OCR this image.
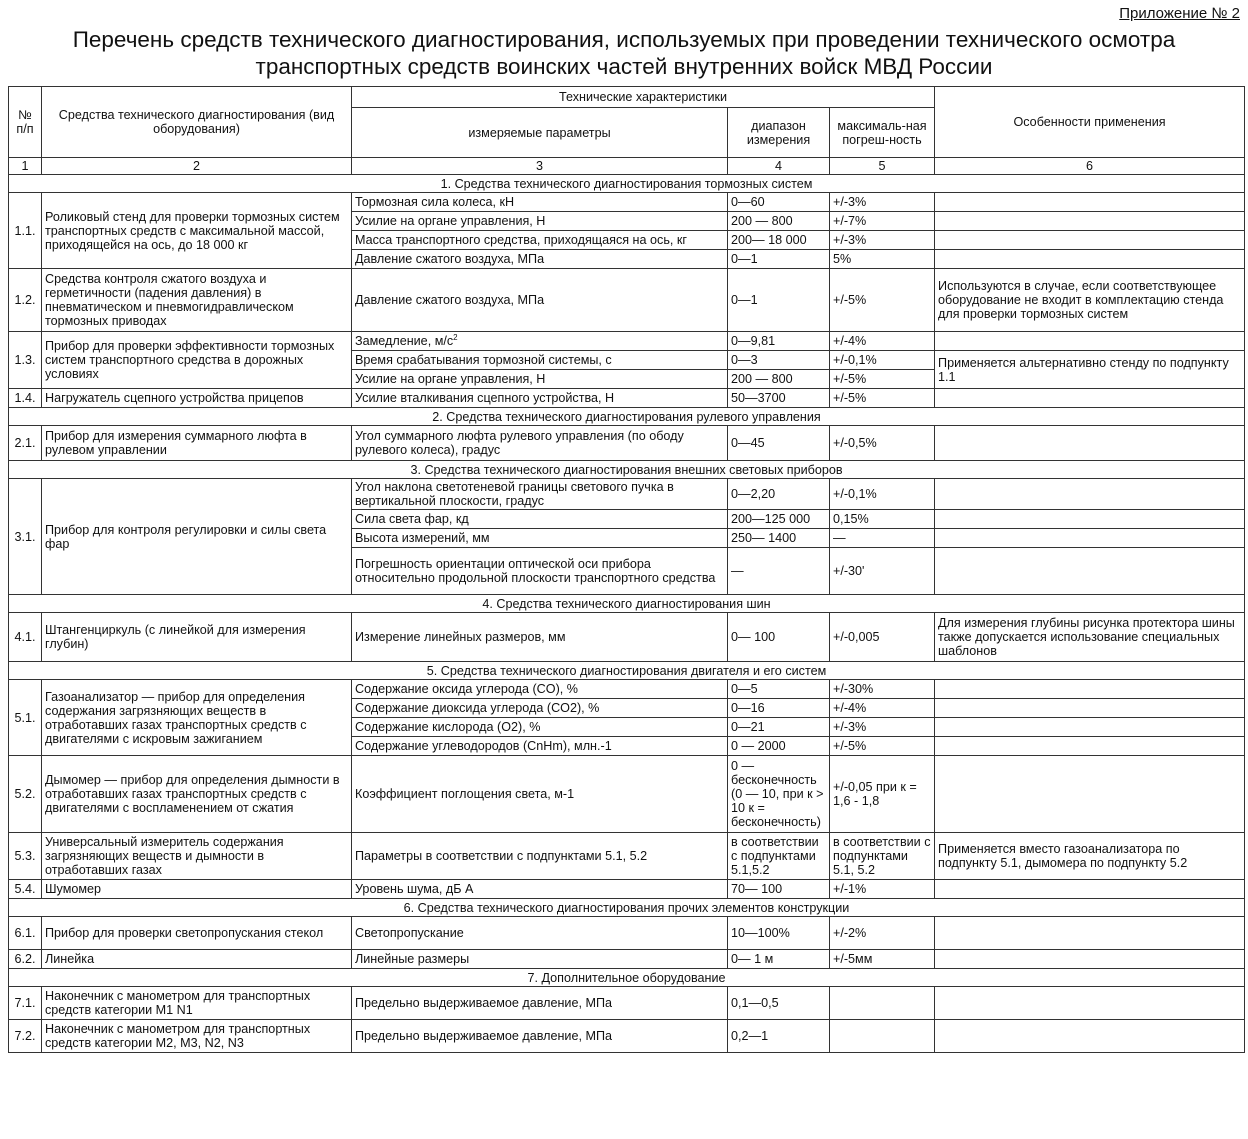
Приложение № 2
Перечень средств технического диагностирования, используемых при проведении технического осмотра
транспортных средств воинских частей внутренних войск МВД России
№ п/п	Средства технического диагностирования (вид оборудования)	Технические характеристики			Особенности применения
		измеряемые параметры	диапазон измерения	максималь-ная погреш-ность	
1	2	3	4	5	6
1. Средства технического диагностирования тормозных систем					
1.1.	Роликовый стенд для проверки тормозных систем транспортных средств с максимальной массой, приходящейся на ось, до 18 000 кг	Тормозная сила колеса, кН	0—60	+/-3%	
		Усилие на органе управления, Н	200 — 800	+/-7%	
		Масса транспортного средства, приходящаяся на ось, кг	200— 18 000	+/-3%	
		Давление сжатого воздуха, МПа	0—1	5%	
1.2.	Средства контроля сжатого воздуха и герметичности (падения давления) в пневматическом и пневмогидравлическом тормозных приводах	Давление сжатого воздуха, МПа	0—1	+/-5%	Используются в случае, если соответствующее оборудование не входит в комплектацию стенда для проверки тормозных систем
1.3.	Прибор для проверки эффективности тормозных систем транспортного средства в дорожных условиях	Замедление, $м/с^2$	0—9,81	+/-4%	
		Время срабатывания тормозной системы, с	0—3	+/-0,1%	Применяется альтернативно стенду по подпункту 1.1
		Усилие на органе управления, Н	200 — 800	+/-5%	
1.4.	Нагружатель сцепного устройства прицепов	Усилие вталкивания сцепного устройства, Н	50—3700	+/-5%	
2. Средства технического диагностирования рулевого управления					
2.1.	Прибор для измерения суммарного люфта в рулевом управлении	Угол суммарного люфта рулевого управления (по ободу рулевого колеса), градус	0—45	+/-0,5%	
3. Средства технического диагностирования внешних световых приборов					
3.1.	Прибор для контроля регулировки и силы света фар	Угол наклона светотеневой границы светового пучка в вертикальной плоскости, градус	0—2,20	+/-0,1%	
		Сила света фар, кд	200—125 000	0,15%	
		Высота измерений, мм	250— 1400	—	
		Погрешность ориентации оптической оси прибора относительно продольной плоскости транспортного средства	—	+/-30'	
4. Средства технического диагностирования шин					
4.1.	Штангенциркуль (с линейкой для измерения глубин)	Измерение линейных размеров, мм	0— 100	+/-0,005	Для измерения глубины рисунка протектора шины также допускается использование специальных шаблонов
5. Средства технического диагностирования двигателя и его систем					
5.1.	Газоанализатор — прибор для определения содержания загрязняющих веществ в отработавших газах транспортных средств с двигателями с искровым зажиганием	Содержание оксида углерода (CO), %	0—5	+/-30%	
		Содержание диоксида углерода (CO2), %	0—16	+/-4%	
		Содержание кислорода (O2), %	0—21	+/-3%	
		Содержание углеводородов (CnHm), млн.-1	0 — 2000	+/-5%	
5.2.	Дымомер — прибор для определения дымности в отработавших газах транспортных средств с двигателями с воспламенением от сжатия	Коэффициент поглощения света, м-1	0 — бесконечность (0 — 10, при к > 10 к = бесконечность)	+/-0,05 при к = 1,6 - 1,8	
5.3.	Универсальный измеритель содержания загрязняющих веществ и дымности в отработавших газах	Параметры в соответствии с подпунктами 5.1, 5.2	в соответствии с подпунктами 5.1,5.2	в соответствии с подпунктами 5.1, 5.2	Применяется вместо газоанализатора по подпункту 5.1, дымомера по подпункту 5.2
5.4.	Шумомер	Уровень шума, дБ А	70— 100	+/-1%	
6. Средства технического диагностирования прочих элементов конструкции					
6.1.	Прибор для проверки светопропускания стекол	Светопропускание	10—100%	+/-2%	
6.2.	Линейка	Линейные размеры	0— 1 м	+/-5мм	
7. Дополнительное оборудование					
7.1.	Наконечник с манометром для транспортных средств категории M1 N1	Предельно выдерживаемое давление, МПа	0,1—0,5		
7.2.	Наконечник с манометром для транспортных средств категории M2, M3, N2, N3	Предельно выдерживаемое давление, МПа	0,2—1		
